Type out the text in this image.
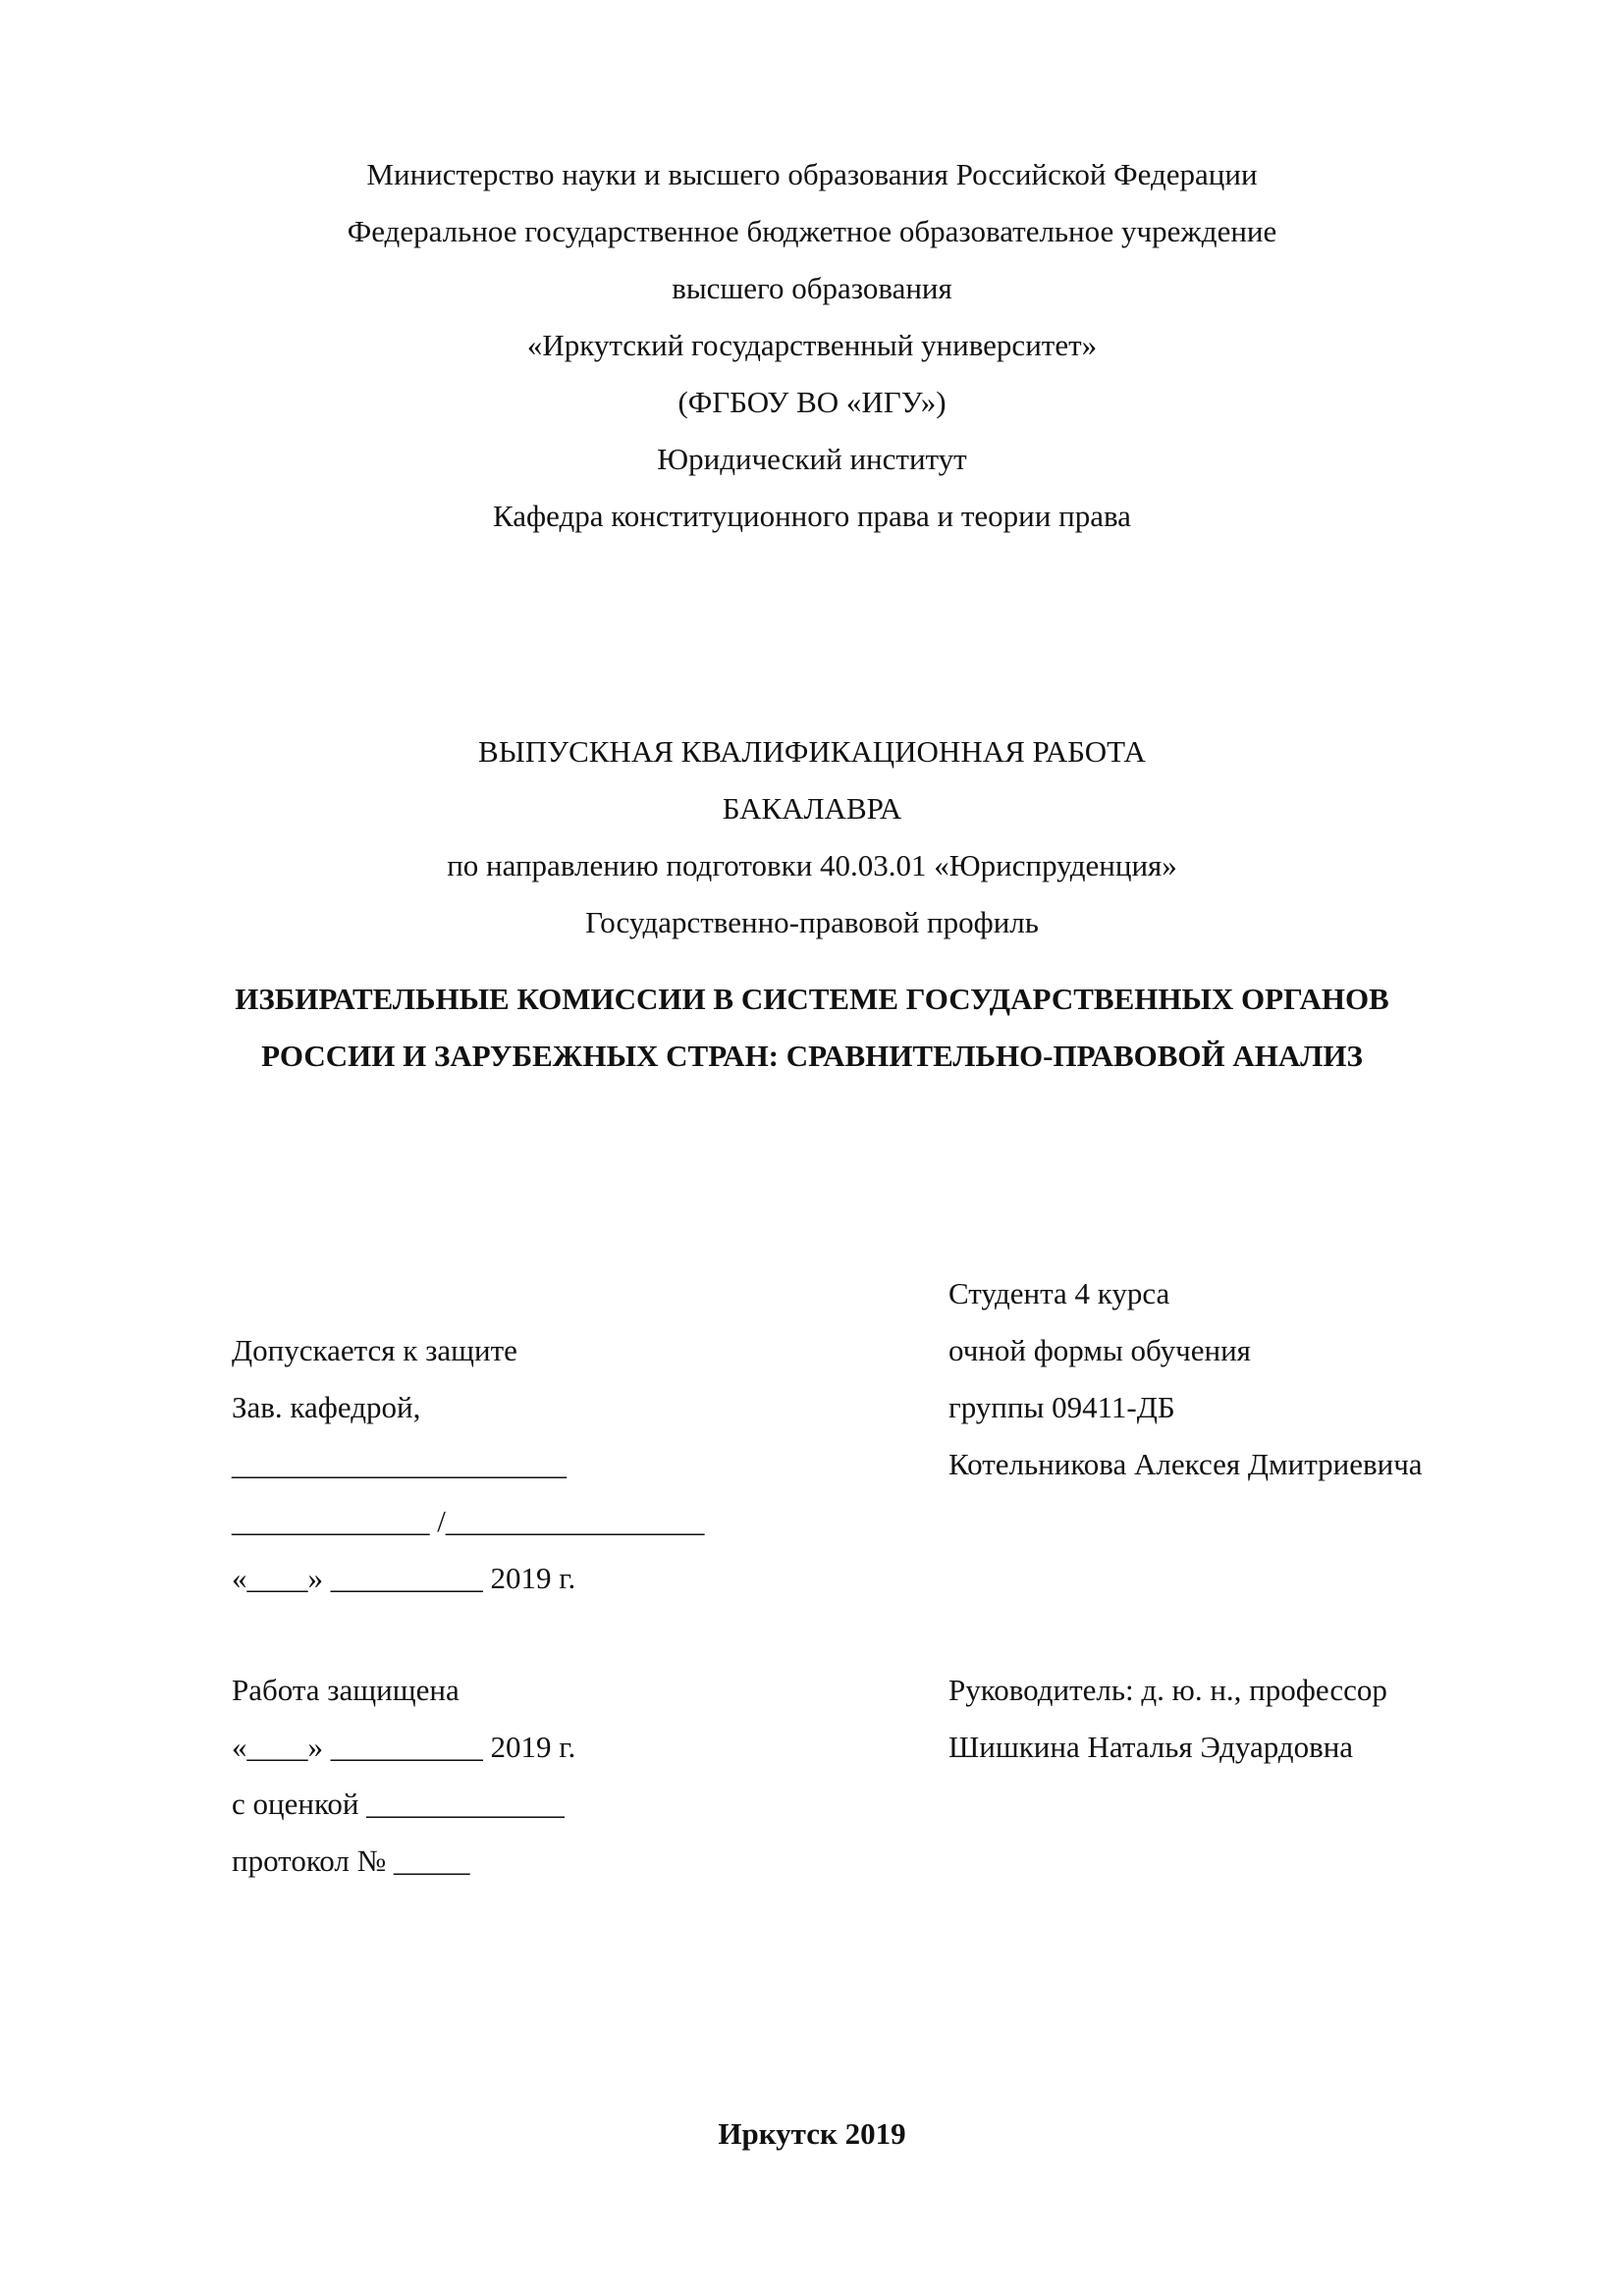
Министерство науки и высшего образования Российской Федерации
Федеральное государственное бюджетное образовательное учреждение
высшего образования
«Иркутский государственный университет»
(ФГБОУ ВО «ИГУ»)
Юридический институт
Кафедра конституционного права и теории права
ВЫПУСКНАЯ КВАЛИФИКАЦИОННАЯ РАБОТА
БАКАЛАВРА
по направлению подготовки 40.03.01 «Юриспруденция»
Государственно-правовой профиль
ИЗБИРАТЕЛЬНЫЕ КОМИССИИ В СИСТЕМЕ ГОСУДАРСТВЕННЫХ ОРГАНОВ
РОССИИ И ЗАРУБЕЖНЫХ СТРАН: СРАВНИТЕЛЬНО-ПРАВОВОЙ АНАЛИЗ
Студента 4 курса
очной формы обучения
группы 09411-ДБ
Котельникова Алексея Дмитриевича
Допускается к защите
Зав. кафедрой,
______________________
_____________ /_________________
«____» __________ 2019 г.
Работа защищена
«____» __________ 2019 г.
с оценкой _____________
протокол № _____
Руководитель: д. ю. н., профессор
Шишкина Наталья Эдуардовна
Иркутск 2019
